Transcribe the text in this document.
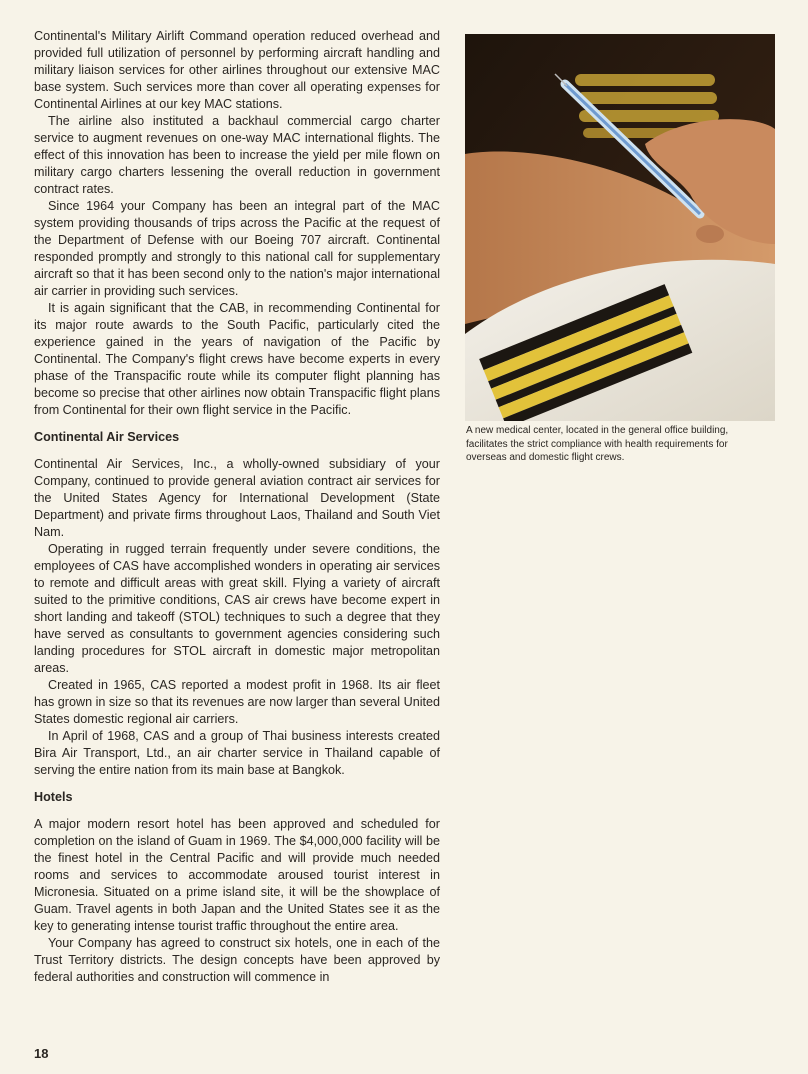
Continental's Military Airlift Command operation reduced overhead and provided full utilization of personnel by performing aircraft handling and military liaison services for other airlines throughout our extensive MAC base system. Such services more than cover all operating expenses for Continental Airlines at our key MAC stations.

The airline also instituted a backhaul commercial cargo charter service to augment revenues on one-way MAC international flights. The effect of this innovation has been to increase the yield per mile flown on military cargo charters lessening the overall reduction in government contract rates.

Since 1964 your Company has been an integral part of the MAC system providing thousands of trips across the Pacific at the request of the Department of Defense with our Boeing 707 aircraft. Continental responded promptly and strongly to this national call for supplementary aircraft so that it has been second only to the nation's major international air carrier in providing such services.

It is again significant that the CAB, in recommending Continental for its major route awards to the South Pacific, particularly cited the experience gained in the years of navigation of the Pacific by Continental. The Company's flight crews have become experts in every phase of the Transpacific route while its computer flight planning has become so precise that other airlines now obtain Transpacific flight plans from Continental for their own flight service in the Pacific.

Continental Air Services

Continental Air Services, Inc., a wholly-owned subsidiary of your Company, continued to provide general aviation contract air services for the United States Agency for International Development (State Department) and private firms throughout Laos, Thailand and South Viet Nam.

Operating in rugged terrain frequently under severe conditions, the employees of CAS have accomplished wonders in operating air services to remote and difficult areas with great skill. Flying a variety of aircraft suited to the primitive conditions, CAS air crews have become expert in short landing and takeoff (STOL) techniques to such a degree that they have served as consultants to government agencies considering such landing procedures for STOL aircraft in domestic major metropolitan areas.

Created in 1965, CAS reported a modest profit in 1968. Its air fleet has grown in size so that its revenues are now larger than several United States domestic regional air carriers.

In April of 1968, CAS and a group of Thai business interests created Bira Air Transport, Ltd., an air charter service in Thailand capable of serving the entire nation from its main base at Bangkok.

Hotels

A major modern resort hotel has been approved and scheduled for completion on the island of Guam in 1969. The $4,000,000 facility will be the finest hotel in the Central Pacific and will provide much needed rooms and services to accommodate aroused tourist interest in Micronesia. Situated on a prime island site, it will be the showplace of Guam. Travel agents in both Japan and the United States see it as the key to generating intense tourist traffic throughout the entire area.

Your Company has agreed to construct six hotels, one in each of the Trust Territory districts. The design concepts have been approved by federal authorities and construction will commence in

A new medical center, located in the general office building, facilitates the strict compliance with health requirements for overseas and domestic flight crews.
18
